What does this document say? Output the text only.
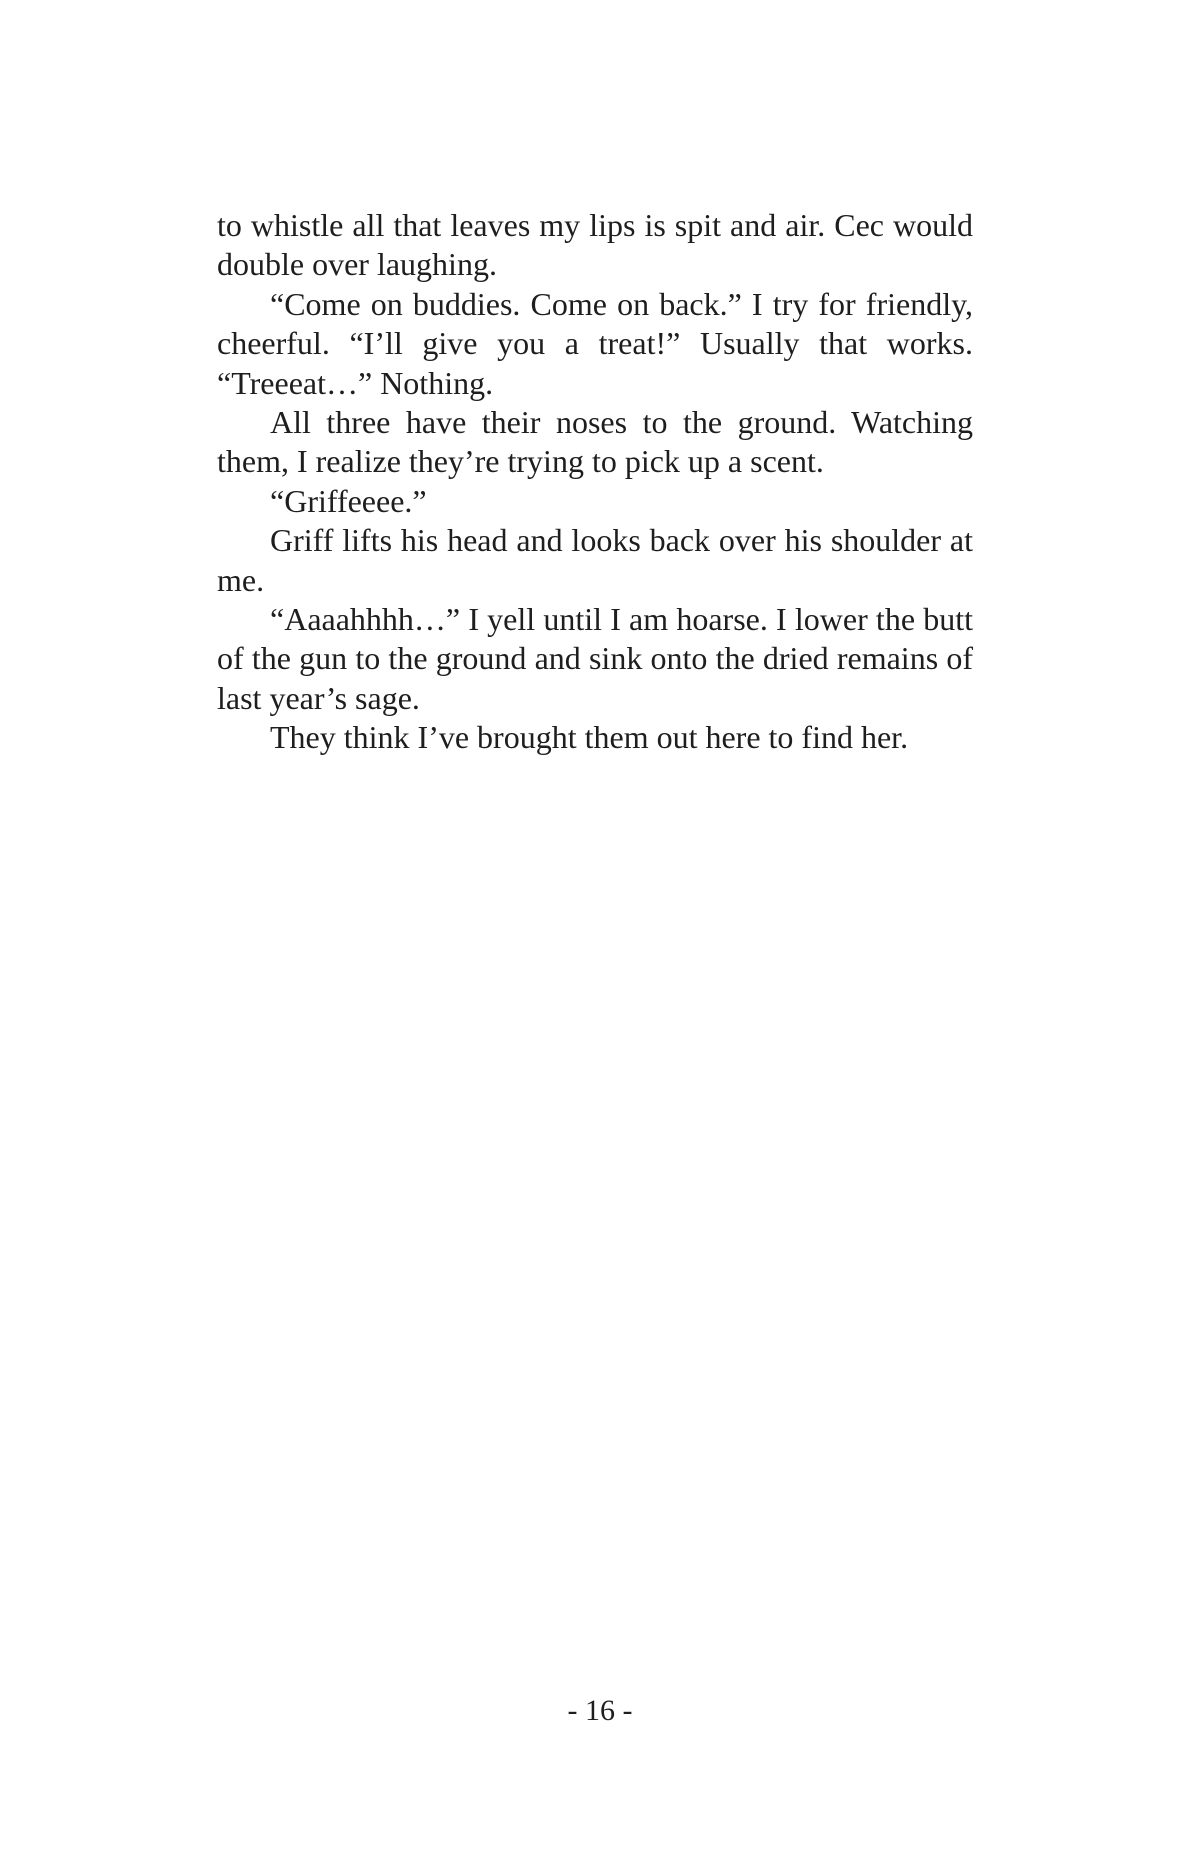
to whistle all that leaves my lips is spit and air. Cec would double over laughing.

“Come on buddies. Come on back.” I try for friendly, cheerful. “I’ll give you a treat!” Usually that works. “Treeeat…” Nothing.

All three have their noses to the ground. Watching them, I realize they’re trying to pick up a scent.

“Griffeeee.”

Griff lifts his head and looks back over his shoulder at me.

“Aaaahhhh…” I yell until I am hoarse. I lower the butt of the gun to the ground and sink onto the dried remains of last year’s sage.

They think I’ve brought them out here to find her.

- 16 -
